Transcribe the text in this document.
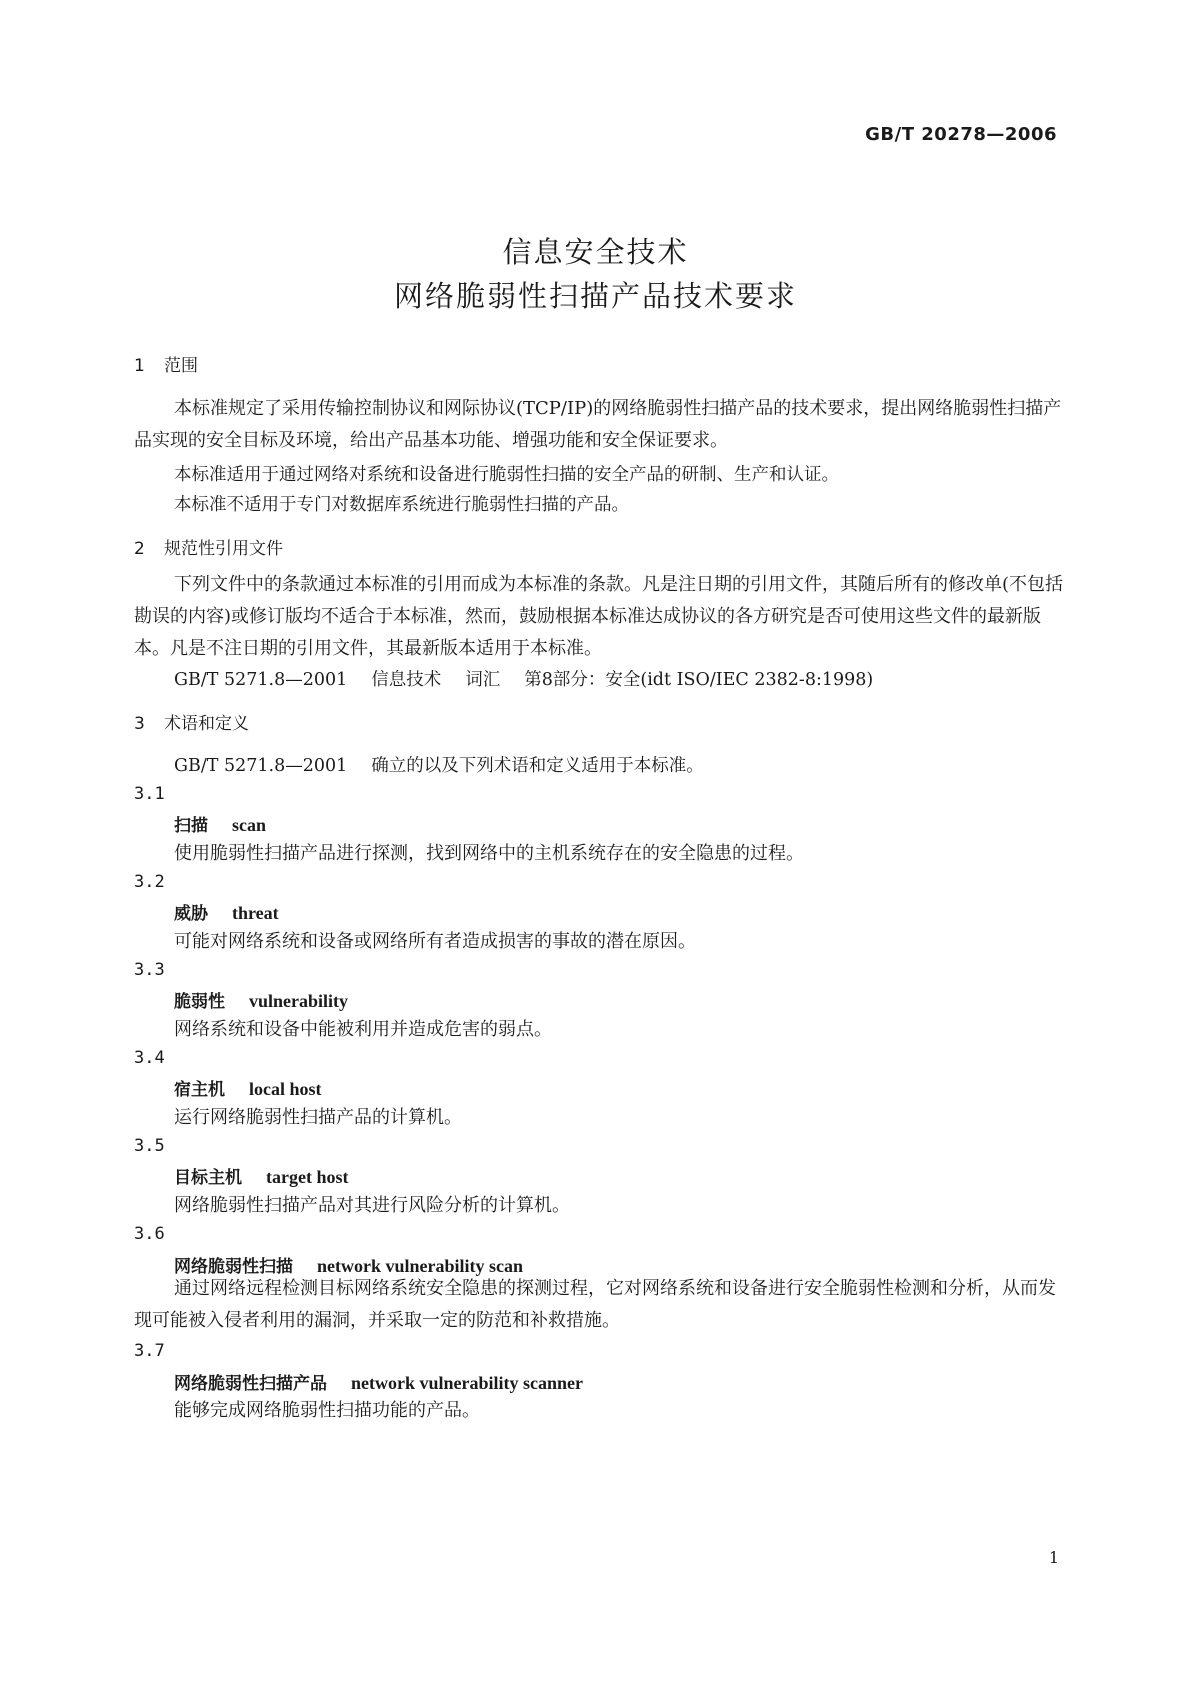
GB/T 20278—2006
信息安全技术
网络脆弱性扫描产品技术要求
1 范围
本标准规定了采用传输控制协议和网际协议(TCP/IP)的网络脆弱性扫描产品的技术要求，提出网络脆弱性扫描产品实现的安全目标及环境，给出产品基本功能、增强功能和安全保证要求。
本标准适用于通过网络对系统和设备进行脆弱性扫描的安全产品的研制、生产和认证。
本标准不适用于专门对数据库系统进行脆弱性扫描的产品。
2 规范性引用文件
下列文件中的条款通过本标准的引用而成为本标准的条款。凡是注日期的引用文件，其随后所有的修改单(不包括勘误的内容)或修订版均不适合于本标准，然而，鼓励根据本标准达成协议的各方研究是否可使用这些文件的最新版本。凡是不注日期的引用文件，其最新版本适用于本标准。
GB/T 5271.8—2001 信息技术 词汇 第8部分：安全(idt ISO/IEC 2382-8:1998)
3 术语和定义
GB/T 5271.8—2001 确立的以及下列术语和定义适用于本标准。
3.1
扫描 scan
使用脆弱性扫描产品进行探测，找到网络中的主机系统存在的安全隐患的过程。
3.2
威胁 threat
可能对网络系统和设备或网络所有者造成损害的事故的潜在原因。
3.3
脆弱性 vulnerability
网络系统和设备中能被利用并造成危害的弱点。
3.4
宿主机 local host
运行网络脆弱性扫描产品的计算机。
3.5
目标主机 target host
网络脆弱性扫描产品对其进行风险分析的计算机。
3.6
网络脆弱性扫描 network vulnerability scan
通过网络远程检测目标网络系统安全隐患的探测过程，它对网络系统和设备进行安全脆弱性检测和分析，从而发现可能被入侵者利用的漏洞，并采取一定的防范和补救措施。
3.7
网络脆弱性扫描产品 network vulnerability scanner
能够完成网络脆弱性扫描功能的产品。
1
